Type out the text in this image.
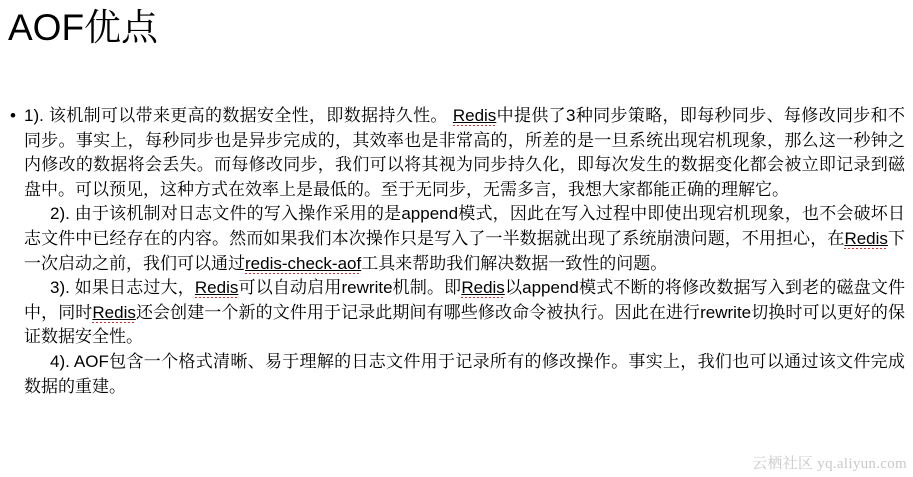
AOF优点
• 1). 该机制可以带来更高的数据安全性，即数据持久性。 Redis中提供了3种同步策略，即每秒同步、每修改同步和不同步。事实上，每秒同步也是异步完成的，其效率也是非常高的，所差的是一旦系统出现宕机现象，那么这一秒钟之内修改的数据将会丢失。而每修改同步，我们可以将其视为同步持久化，即每次发生的数据变化都会被立即记录到磁盘中。可以预见，这种方式在效率上是最低的。至于无同步，无需多言，我想大家都能正确的理解它。

2). 由于该机制对日志文件的写入操作采用的是append模式，因此在写入过程中即使出现宕机现象，也不会破坏日志文件中已经存在的内容。然而如果我们本次操作只是写入了一半数据就出现了系统崩溃问题，不用担心，在Redis下一次启动之前，我们可以通过redis-check-aof工具来帮助我们解决数据一致性的问题。

3). 如果日志过大，Redis可以自动启用rewrite机制。即Redis以append模式不断的将修改数据写入到老的磁盘文件中，同时Redis还会创建一个新的文件用于记录此期间有哪些修改命令被执行。因此在进行rewrite切换时可以更好的保证数据安全性。

4). AOF包含一个格式清晰、易于理解的日志文件用于记录所有的修改操作。事实上，我们也可以通过该文件完成数据的重建。

云栖社区 yq.aliyun.com
